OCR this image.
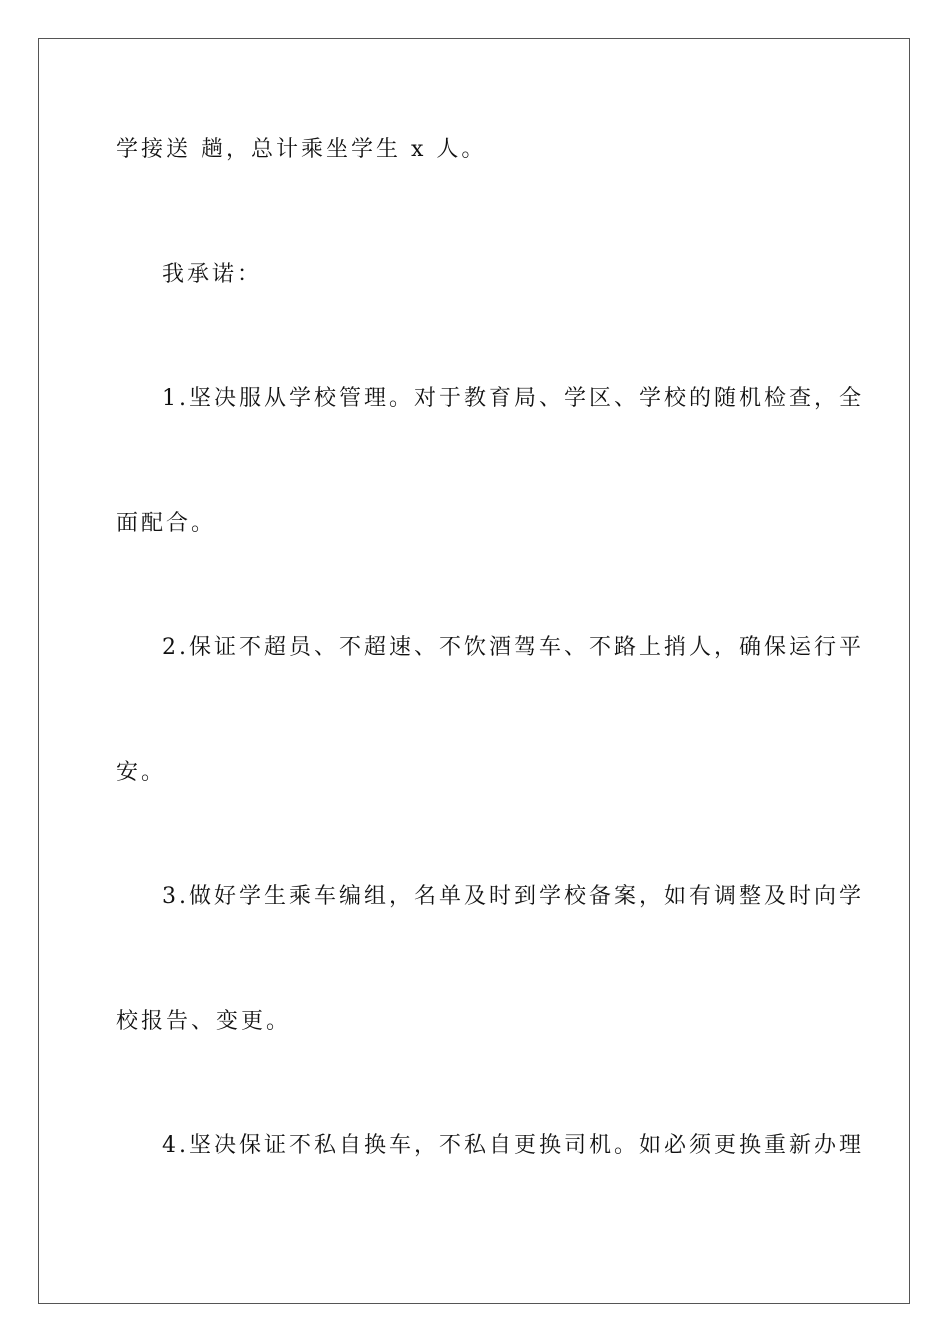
学接送 趟，总计乘坐学生 x 人。
我承诺：
1.坚决服从学校管理。对于教育局、学区、学校的随机检查，全
面配合。
2.保证不超员、不超速、不饮酒驾车、不路上捎人，确保运行平
安。
3.做好学生乘车编组，名单及时到学校备案，如有调整及时向学
校报告、变更。
4.坚决保证不私自换车，不私自更换司机。如必须更换重新办理
